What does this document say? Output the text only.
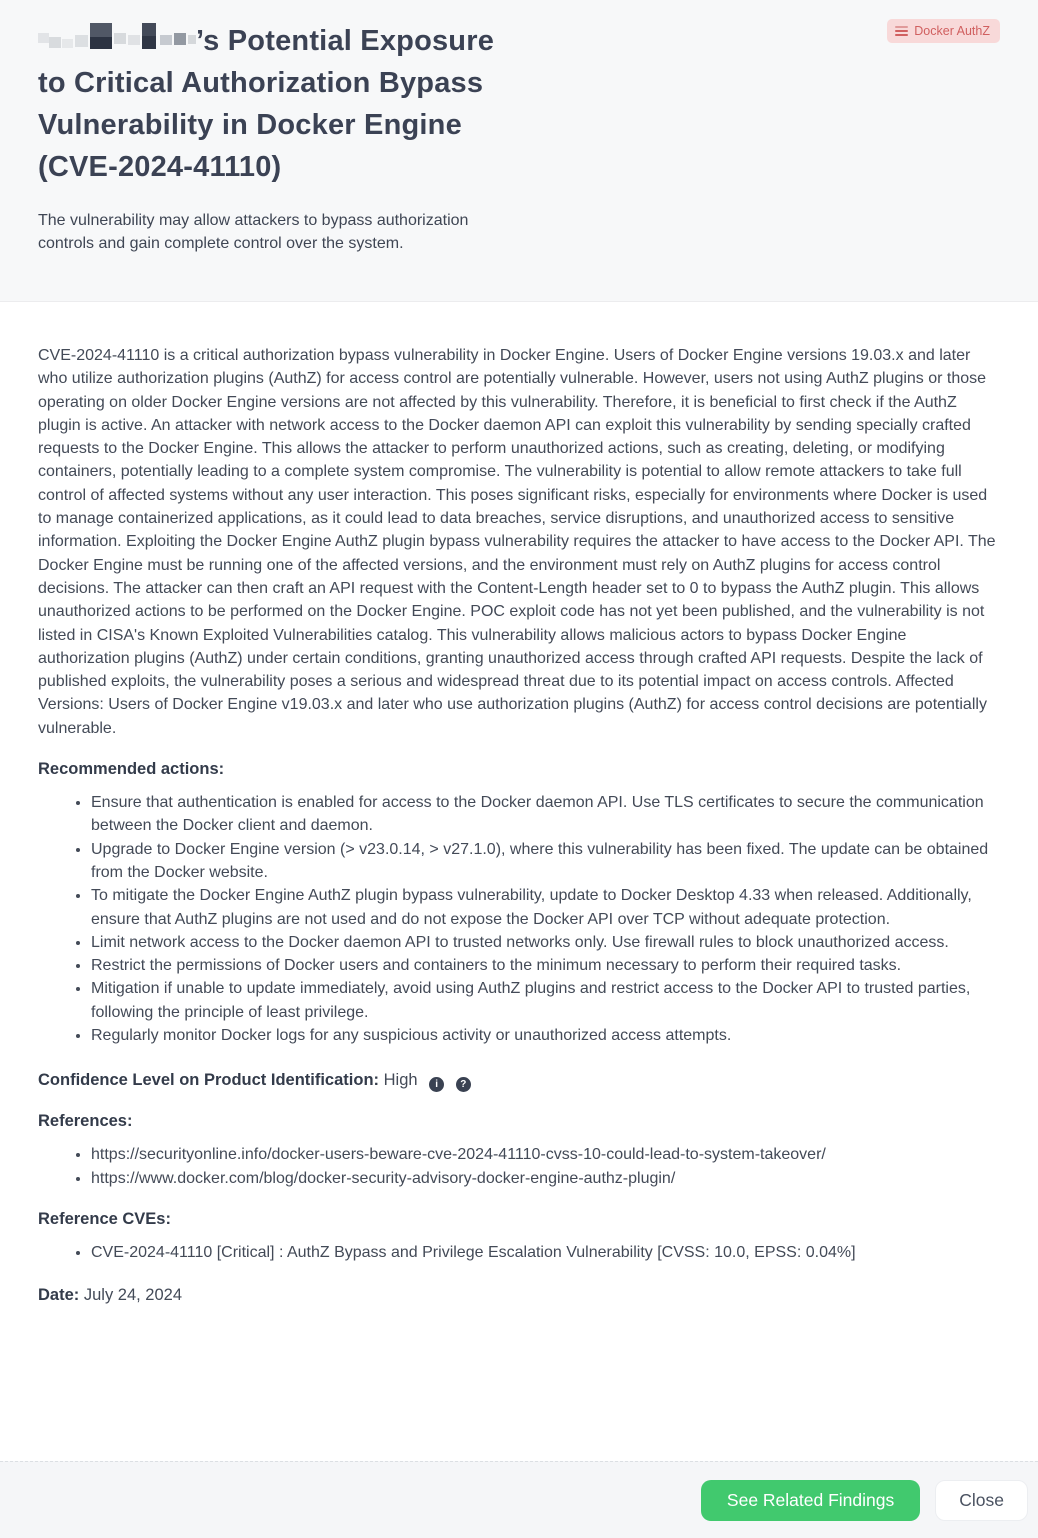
’s Potential Exposure to Critical Authorization Bypass Vulnerability in Docker Engine (CVE-2024-41110)
Docker AuthZ

The vulnerability may allow attackers to bypass authorization controls and gain complete control over the system.

CVE-2024-41110 is a critical authorization bypass vulnerability in Docker Engine. Users of Docker Engine versions 19.03.x and later who utilize authorization plugins (AuthZ) for access control are potentially vulnerable. However, users not using AuthZ plugins or those operating on older Docker Engine versions are not affected by this vulnerability. Therefore, it is beneficial to first check if the AuthZ plugin is active. An attacker with network access to the Docker daemon API can exploit this vulnerability by sending specially crafted requests to the Docker Engine. This allows the attacker to perform unauthorized actions, such as creating, deleting, or modifying containers, potentially leading to a complete system compromise. The vulnerability is potential to allow remote attackers to take full control of affected systems without any user interaction. This poses significant risks, especially for environments where Docker is used to manage containerized applications, as it could lead to data breaches, service disruptions, and unauthorized access to sensitive information. Exploiting the Docker Engine AuthZ plugin bypass vulnerability requires the attacker to have access to the Docker API. The Docker Engine must be running one of the affected versions, and the environment must rely on AuthZ plugins for access control decisions. The attacker can then craft an API request with the Content-Length header set to 0 to bypass the AuthZ plugin. This allows unauthorized actions to be performed on the Docker Engine. POC exploit code has not yet been published, and the vulnerability is not listed in CISA's Known Exploited Vulnerabilities catalog. This vulnerability allows malicious actors to bypass Docker Engine authorization plugins (AuthZ) under certain conditions, granting unauthorized access through crafted API requests. Despite the lack of published exploits, the vulnerability poses a serious and widespread threat due to its potential impact on access controls. Affected Versions: Users of Docker Engine v19.03.x and later who use authorization plugins (AuthZ) for access control decisions are potentially vulnerable.

Recommended actions:
• Ensure that authentication is enabled for access to the Docker daemon API. Use TLS certificates to secure the communication between the Docker client and daemon.
• Upgrade to Docker Engine version (> v23.0.14, > v27.1.0), where this vulnerability has been fixed. The update can be obtained from the Docker website.
• To mitigate the Docker Engine AuthZ plugin bypass vulnerability, update to Docker Desktop 4.33 when released. Additionally, ensure that AuthZ plugins are not used and do not expose the Docker API over TCP without adequate protection.
• Limit network access to the Docker daemon API to trusted networks only. Use firewall rules to block unauthorized access.
• Restrict the permissions of Docker users and containers to the minimum necessary to perform their required tasks.
• Mitigation if unable to update immediately, avoid using AuthZ plugins and restrict access to the Docker API to trusted parties, following the principle of least privilege.
• Regularly monitor Docker logs for any suspicious activity or unauthorized access attempts.

Confidence Level on Product Identification: High i ?

References:
• https://securityonline.info/docker-users-beware-cve-2024-41110-cvss-10-could-lead-to-system-takeover/
• https://www.docker.com/blog/docker-security-advisory-docker-engine-authz-plugin/
Reference CVEs:
• CVE-2024-41110 [Critical] : AuthZ Bypass and Privilege Escalation Vulnerability [CVSS: 10.0, EPSS: 0.04%]

Date: July 24, 2024

See Related Findings	Close
